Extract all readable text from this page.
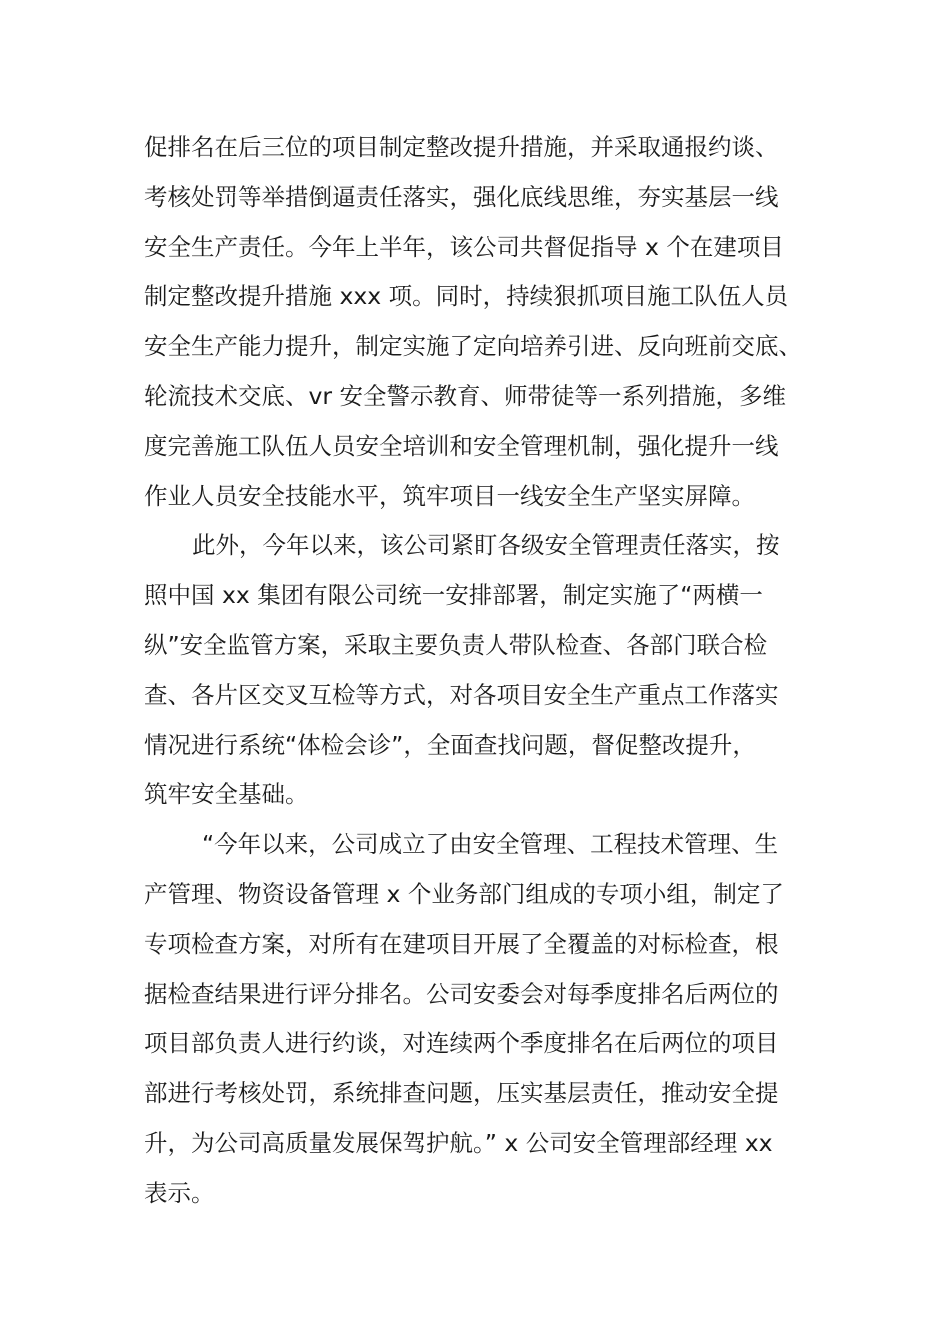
促排名在后三位的项目制定整改提升措施，并采取通报约谈、
考核处罚等举措倒逼责任落实，强化底线思维，夯实基层一线
安全生产责任。今年上半年，该公司共督促指导 x 个在建项目
制定整改提升措施 xxx 项。同时，持续狠抓项目施工队伍人员
安全生产能力提升，制定实施了定向培养引进、反向班前交底、
轮流技术交底、vr 安全警示教育、师带徒等一系列措施，多维
度完善施工队伍人员安全培训和安全管理机制，强化提升一线
作业人员安全技能水平，筑牢项目一线安全生产坚实屏障。
此外，今年以来，该公司紧盯各级安全管理责任落实，按
照中国 xx 集团有限公司统一安排部署，制定实施了“两横一
纵”安全监管方案，采取主要负责人带队检查、各部门联合检
查、各片区交叉互检等方式，对各项目安全生产重点工作落实
情况进行系统“体检会诊”，全面查找问题，督促整改提升，
筑牢安全基础。
“今年以来，公司成立了由安全管理、工程技术管理、生
产管理、物资设备管理 x 个业务部门组成的专项小组，制定了
专项检查方案，对所有在建项目开展了全覆盖的对标检查，根
据检查结果进行评分排名。公司安委会对每季度排名后两位的
项目部负责人进行约谈，对连续两个季度排名在后两位的项目
部进行考核处罚，系统排查问题，压实基层责任，推动安全提
升，为公司高质量发展保驾护航。” x 公司安全管理部经理 xx
表示。
